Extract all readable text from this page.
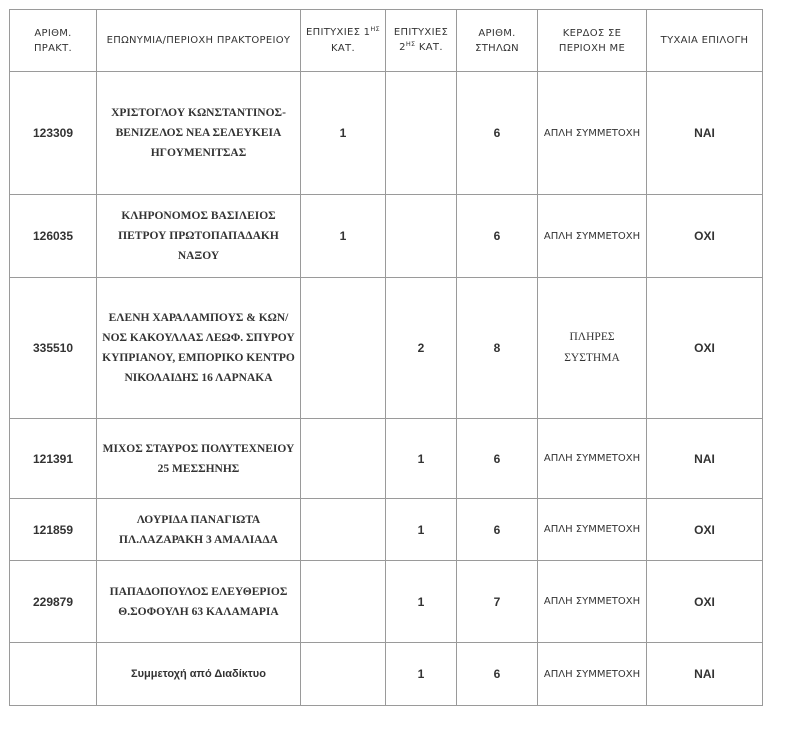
ΑΡΙΘΜ. ΠΡΑΚΤ.	ΕΠΩΝΥΜΙΑ/ΠΕΡΙΟΧΗ ΠΡΑΚΤΟΡΕΙΟΥ	ΕΠΙΤΥΧΙΕΣ $1^{H\Sigma}$ ΚΑΤ.	ΕΠΙΤΥΧΙΕΣ $2^{H\Sigma}$ ΚΑΤ.	ΑΡΙΘΜ. ΣΤΗΛΩΝ	ΚΕΡΔΟΣ ΣΕ ΠΕΡΙΟΧΗ ΜΕ	ΤΥΧΑΙΑ ΕΠΙΛΟΓΗ
123309	ΧΡΙΣΤΟΓΛΟΥ ΚΩΝΣΤΑΝΤΙΝΟΣ-ΒΕΝΙΖΕΛΟΣ ΝΕΑ ΣΕΛΕΥΚΕΙΑ ΗΓΟΥΜΕΝΙΤΣΑΣ	1		6	ΑΠΛΗ ΣΥΜΜΕΤΟΧΗ	ΝΑΙ
126035	ΚΛΗΡΟΝΟΜΟΣ ΒΑΣΙΛΕΙΟΣ ΠΕΤΡΟΥ ΠΡΩΤΟΠΑΠΑΔΑΚΗ ΝΑΞΟΥ	1		6	ΑΠΛΗ ΣΥΜΜΕΤΟΧΗ	ΟΧΙ
335510	ΕΛΕΝΗ ΧΑΡΑΛΑΜΠΟΥΣ & ΚΩΝ/ΝΟΣ ΚΑΚΟΥΛΛΑΣ ΛΕΩΦ. ΣΠΥΡΟΥ ΚΥΠΡΙΑΝΟΥ, ΕΜΠΟΡΙΚΟ ΚΕΝΤΡΟ ΝΙΚΟΛΑΙΔΗΣ 16 ΛΑΡΝΑΚΑ		2	8	ΠΛΗΡΕΣ ΣΥΣΤΗΜΑ	ΟΧΙ
121391	ΜΙΧΟΣ ΣΤΑΥΡΟΣ ΠΟΛΥΤΕΧΝΕΙΟΥ 25 ΜΕΣΣΗΝΗΣ		1	6	ΑΠΛΗ ΣΥΜΜΕΤΟΧΗ	ΝΑΙ
121859	ΛΟΥΡΙΔΑ ΠΑΝΑΓΙΩΤΑ ΠΛ.ΛΑΖΑΡΑΚΗ 3 ΑΜΑΛΙΑΔΑ		1	6	ΑΠΛΗ ΣΥΜΜΕΤΟΧΗ	ΟΧΙ
229879	ΠΑΠΑΔΟΠΟΥΛΟΣ ΕΛΕΥΘΕΡΙΟΣ Θ.ΣΟΦΟΥΛΗ 63 ΚΑΛΑΜΑΡΙΑ		1	7	ΑΠΛΗ ΣΥΜΜΕΤΟΧΗ	ΟΧΙ
	Συμμετοχή από Διαδίκτυο		1	6	ΑΠΛΗ ΣΥΜΜΕΤΟΧΗ	ΝΑΙ
